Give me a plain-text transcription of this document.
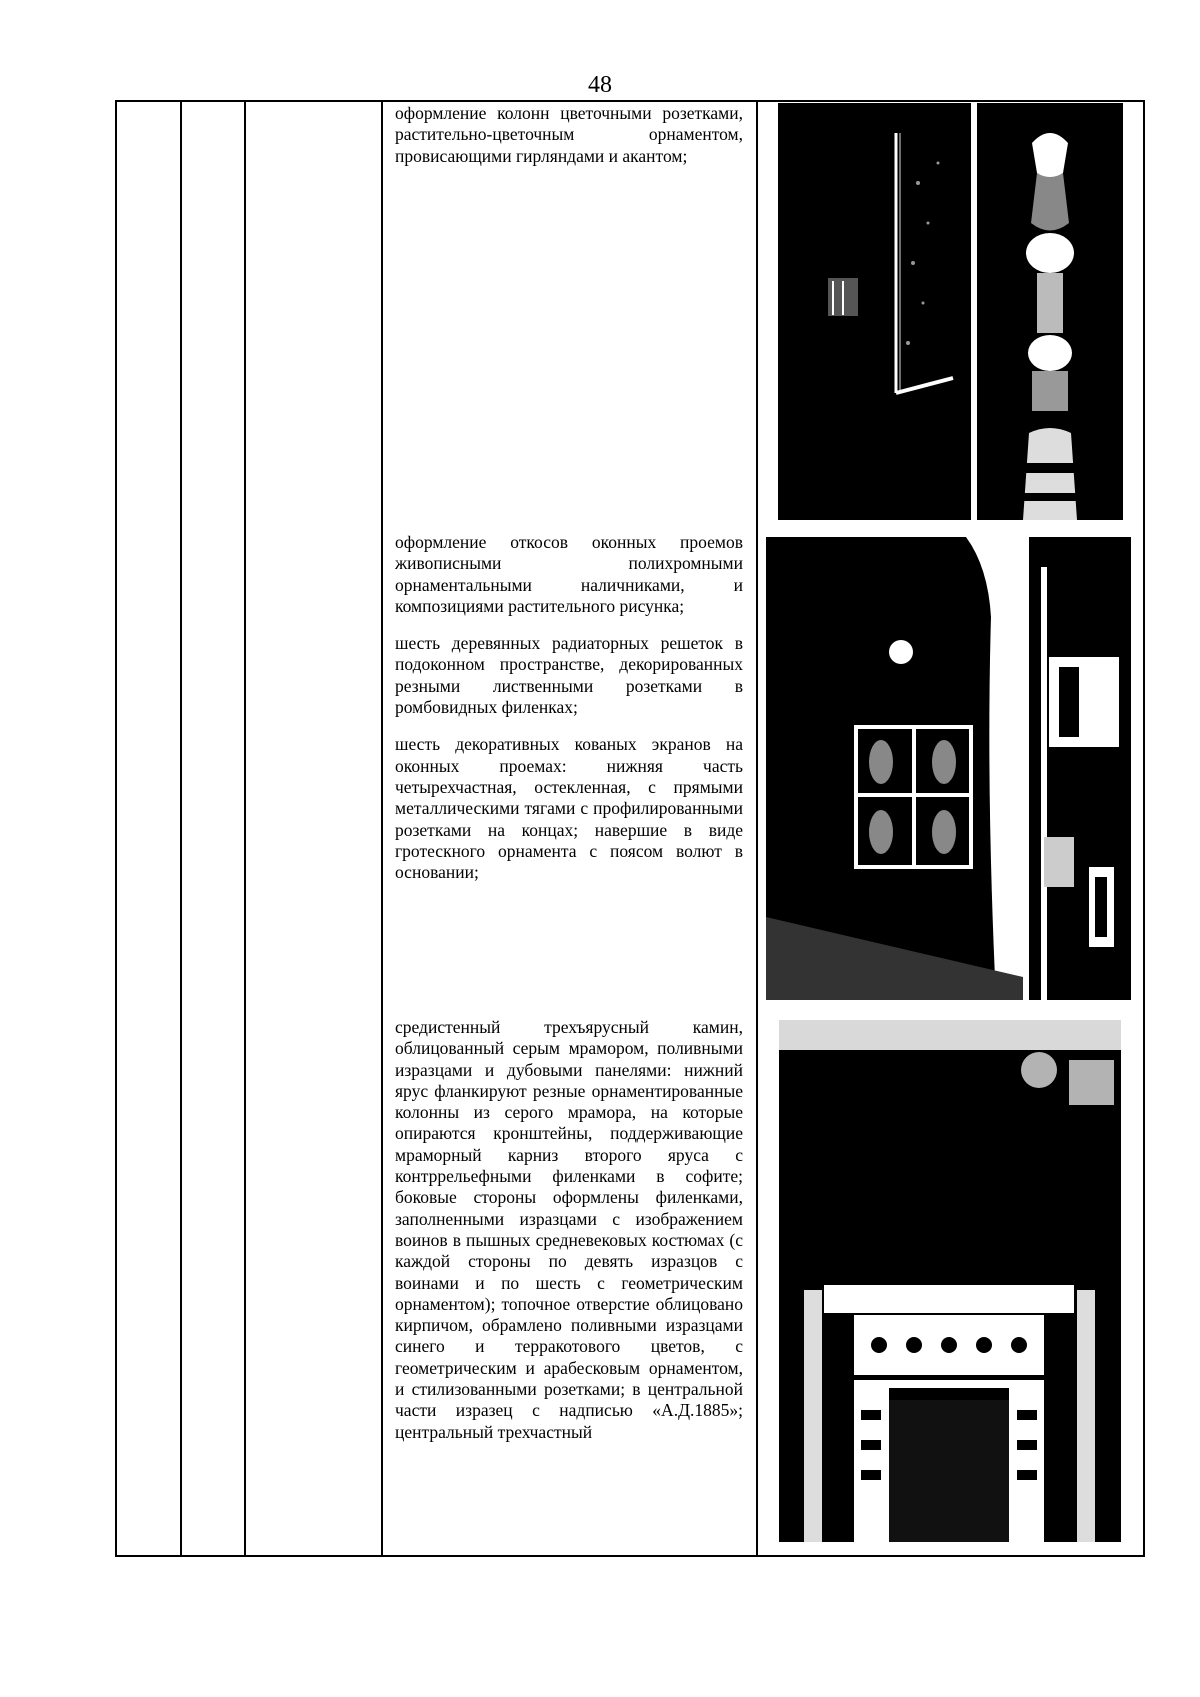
48

оформление колонн цветочными розетками, растительно-цветочным орнаментом, провисающими гирляндами и акантом;

оформление откосов оконных проемов живописными полихромными орнаментальными наличниками, и композициями растительного рисунка;

шесть деревянных радиаторных решеток в подоконном пространстве, декорированных резными лиственными розетками в ромбовидных филенках;

шесть декоративных кованых экранов на оконных проемах: нижняя часть четырехчастная, остекленная, с прямыми металлическими тягами с профилированными розетками на концах; навершие в виде гротескного орнамента с поясом волют в основании;

средистенный трехъярусный камин, облицованный серым мрамором, поливными изразцами и дубовыми панелями: нижний ярус фланкируют резные орнаментированные колонны из серого мрамора, на которые опираются кронштейны, поддерживающие мраморный карниз второго яруса с контррельефными филенками в софите; боковые стороны оформлены филенками, заполненными изразцами с изображением воинов в пышных средневековых костюмах (с каждой стороны по девять изразцов с воинами и по шесть с геометрическим орнаментом); топочное отверстие облицовано кирпичом, обрамлено поливными изразцами синего и терракотового цветов, с геометрическим и арабесковым орнаментом, и стилизованными розетками; в центральной части изразец с надписью «А.Д.1885»; центральный трехчастный
